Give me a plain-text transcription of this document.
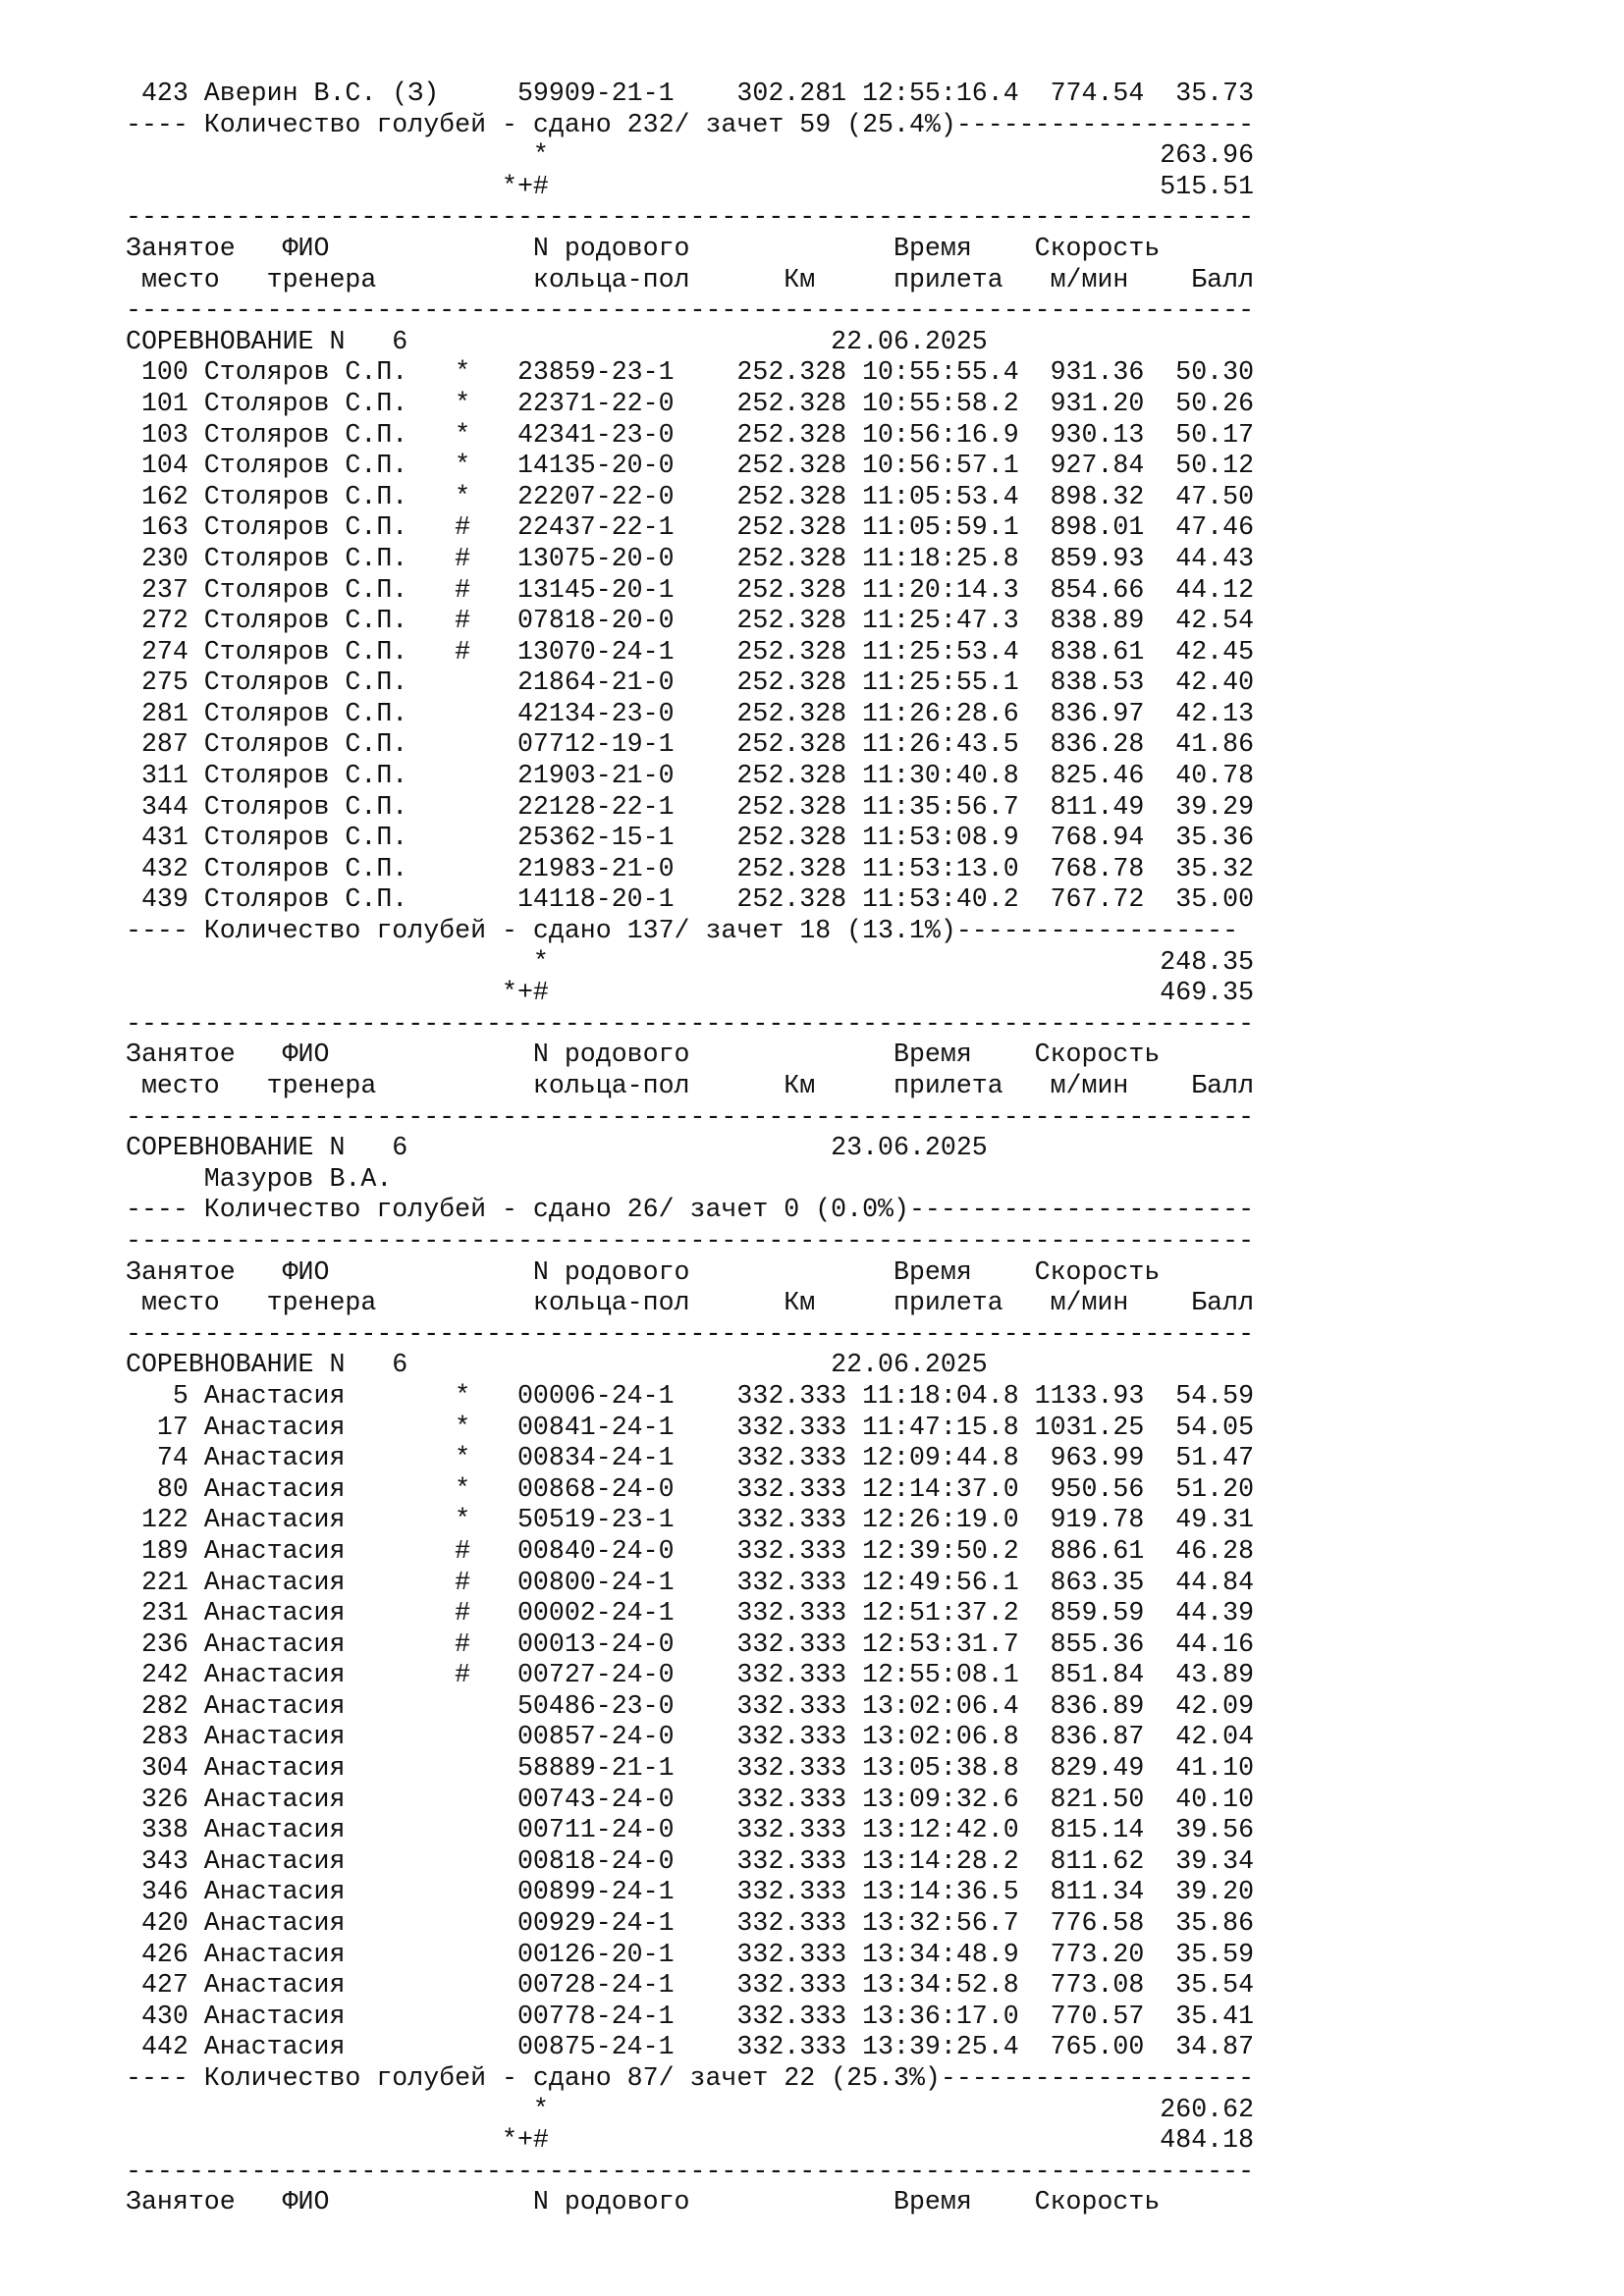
423 Аверин В.С. (З)     59909-21-1    302.281 12:55:16.4  774.54  35.73
---- Количество голубей - сдано 232/ зачет 59 (25.4%)-------------------
*                                       263.96
*+#                                       515.51
------------------------------------------------------------------------
Занятое   ФИО             N родового             Время    Скорость
место   тренера          кольца-пол      Км     прилета   м/мин    Балл
------------------------------------------------------------------------
СОРЕВНОВАНИЕ N   6                           22.06.2025
100 Столяров С.П.   *   23859-23-1    252.328 10:55:55.4  931.36  50.30
101 Столяров С.П.   *   22371-22-0    252.328 10:55:58.2  931.20  50.26
103 Столяров С.П.   *   42341-23-0    252.328 10:56:16.9  930.13  50.17
104 Столяров С.П.   *   14135-20-0    252.328 10:56:57.1  927.84  50.12
162 Столяров С.П.   *   22207-22-0    252.328 11:05:53.4  898.32  47.50
163 Столяров С.П.   #   22437-22-1    252.328 11:05:59.1  898.01  47.46
230 Столяров С.П.   #   13075-20-0    252.328 11:18:25.8  859.93  44.43
237 Столяров С.П.   #   13145-20-1    252.328 11:20:14.3  854.66  44.12
272 Столяров С.П.   #   07818-20-0    252.328 11:25:47.3  838.89  42.54
274 Столяров С.П.   #   13070-24-1    252.328 11:25:53.4  838.61  42.45
275 Столяров С.П.       21864-21-0    252.328 11:25:55.1  838.53  42.40
281 Столяров С.П.       42134-23-0    252.328 11:26:28.6  836.97  42.13
287 Столяров С.П.       07712-19-1    252.328 11:26:43.5  836.28  41.86
311 Столяров С.П.       21903-21-0    252.328 11:30:40.8  825.46  40.78
344 Столяров С.П.       22128-22-1    252.328 11:35:56.7  811.49  39.29
431 Столяров С.П.       25362-15-1    252.328 11:53:08.9  768.94  35.36
432 Столяров С.П.       21983-21-0    252.328 11:53:13.0  768.78  35.32
439 Столяров С.П.       14118-20-1    252.328 11:53:40.2  767.72  35.00
---- Количество голубей - сдано 137/ зачет 18 (13.1%)------------------
*                                       248.35
*+#                                       469.35
------------------------------------------------------------------------
Занятое   ФИО             N родового             Время    Скорость
место   тренера          кольца-пол      Км     прилета   м/мин    Балл
------------------------------------------------------------------------
СОРЕВНОВАНИЕ N   6                           23.06.2025
Мазуров В.А.
---- Количество голубей - сдано 26/ зачет 0 (0.0%)----------------------
------------------------------------------------------------------------
Занятое   ФИО             N родового             Время    Скорость
место   тренера          кольца-пол      Км     прилета   м/мин    Балл
------------------------------------------------------------------------
СОРЕВНОВАНИЕ N   6                           22.06.2025
5 Анастасия       *   00006-24-1    332.333 11:18:04.8 1133.93  54.59
17 Анастасия       *   00841-24-1    332.333 11:47:15.8 1031.25  54.05
74 Анастасия       *   00834-24-1    332.333 12:09:44.8  963.99  51.47
80 Анастасия       *   00868-24-0    332.333 12:14:37.0  950.56  51.20
122 Анастасия       *   50519-23-1    332.333 12:26:19.0  919.78  49.31
189 Анастасия       #   00840-24-0    332.333 12:39:50.2  886.61  46.28
221 Анастасия       #   00800-24-1    332.333 12:49:56.1  863.35  44.84
231 Анастасия       #   00002-24-1    332.333 12:51:37.2  859.59  44.39
236 Анастасия       #   00013-24-0    332.333 12:53:31.7  855.36  44.16
242 Анастасия       #   00727-24-0    332.333 12:55:08.1  851.84  43.89
282 Анастасия           50486-23-0    332.333 13:02:06.4  836.89  42.09
283 Анастасия           00857-24-0    332.333 13:02:06.8  836.87  42.04
304 Анастасия           58889-21-1    332.333 13:05:38.8  829.49  41.10
326 Анастасия           00743-24-0    332.333 13:09:32.6  821.50  40.10
338 Анастасия           00711-24-0    332.333 13:12:42.0  815.14  39.56
343 Анастасия           00818-24-0    332.333 13:14:28.2  811.62  39.34
346 Анастасия           00899-24-1    332.333 13:14:36.5  811.34  39.20
420 Анастасия           00929-24-1    332.333 13:32:56.7  776.58  35.86
426 Анастасия           00126-20-1    332.333 13:34:48.9  773.20  35.59
427 Анастасия           00728-24-1    332.333 13:34:52.8  773.08  35.54
430 Анастасия           00778-24-1    332.333 13:36:17.0  770.57  35.41
442 Анастасия           00875-24-1    332.333 13:39:25.4  765.00  34.87
---- Количество голубей - сдано 87/ зачет 22 (25.3%)--------------------
*                                       260.62
*+#                                       484.18
------------------------------------------------------------------------
Занятое   ФИО             N родового             Время    Скорость
